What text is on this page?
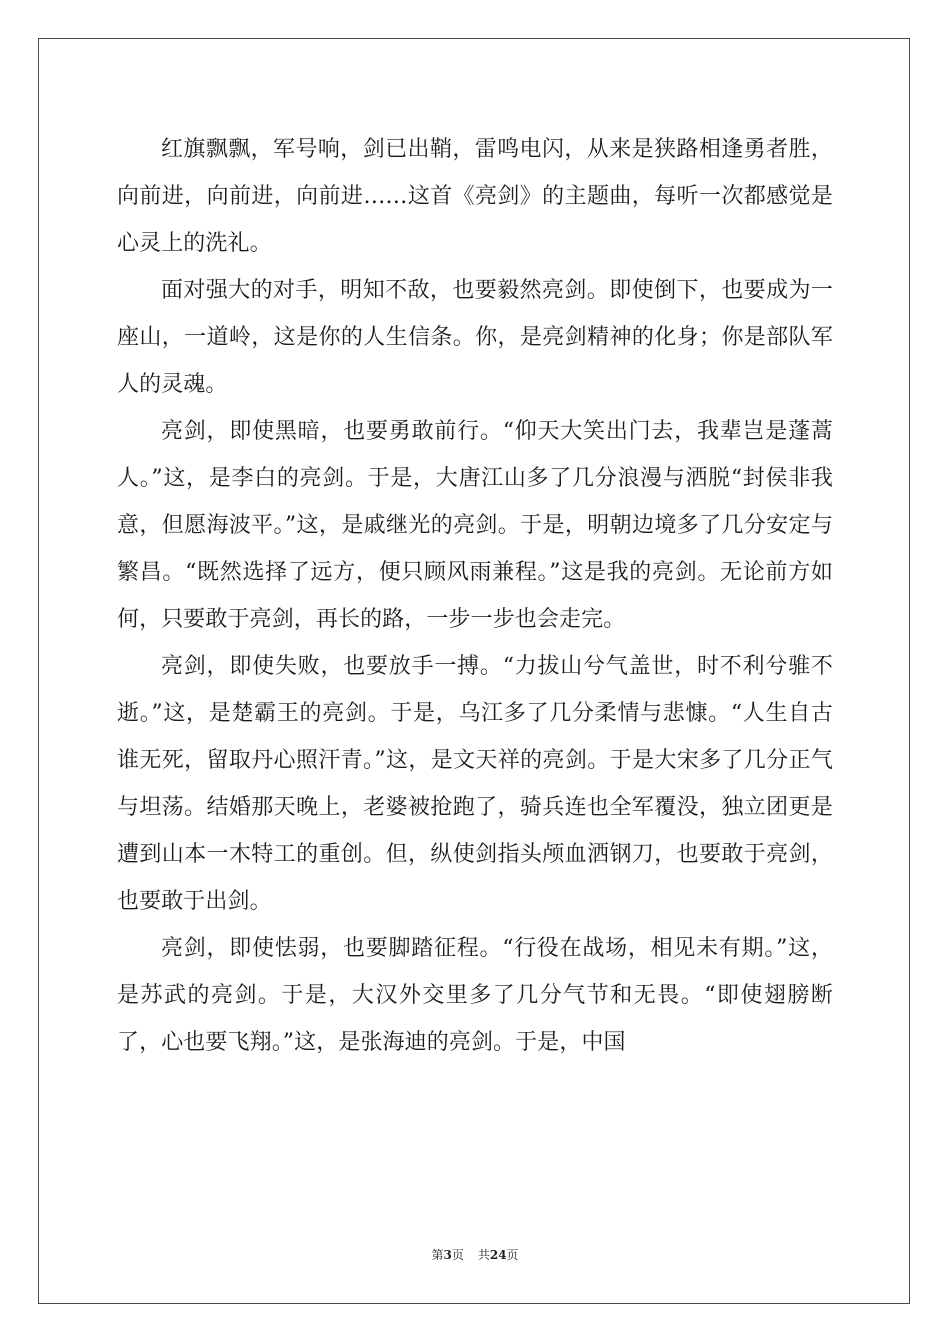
红旗飘飘，军号响，剑已出鞘，雷鸣电闪，从来是狭路相逢勇者胜，向前进，向前进，向前进……这首《亮剑》的主题曲，每听一次都感觉是心灵上的洗礼。

面对强大的对手，明知不敌，也要毅然亮剑。即使倒下，也要成为一座山，一道岭，这是你的人生信条。你，是亮剑精神的化身；你是部队军人的灵魂。

亮剑，即使黑暗，也要勇敢前行。“仰天大笑出门去，我辈岂是蓬蒿人。”这，是李白的亮剑。于是，大唐江山多了几分浪漫与洒脱“封侯非我意，但愿海波平。”这，是戚继光的亮剑。于是，明朝边境多了几分安定与繁昌。“既然选择了远方，便只顾风雨兼程。”这是我的亮剑。无论前方如何，只要敢于亮剑，再长的路，一步一步也会走完。

亮剑，即使失败，也要放手一搏。“力拔山兮气盖世，时不利兮骓不逝。”这，是楚霸王的亮剑。于是，乌江多了几分柔情与悲慷。“人生自古谁无死，留取丹心照汗青。”这，是文天祥的亮剑。于是大宋多了几分正气与坦荡。结婚那天晚上，老婆被抢跑了，骑兵连也全军覆没，独立团更是遭到山本一木特工的重创。但，纵使剑指头颅血洒钢刀，也要敢于亮剑，也要敢于出剑。

亮剑，即使怯弱，也要脚踏征程。“行役在战场，相见未有期。”这，是苏武的亮剑。于是，大汉外交里多了几分气节和无畏。“即使翅膀断了，心也要飞翔。”这，是张海迪的亮剑。于是，中国

第3页 共24页
